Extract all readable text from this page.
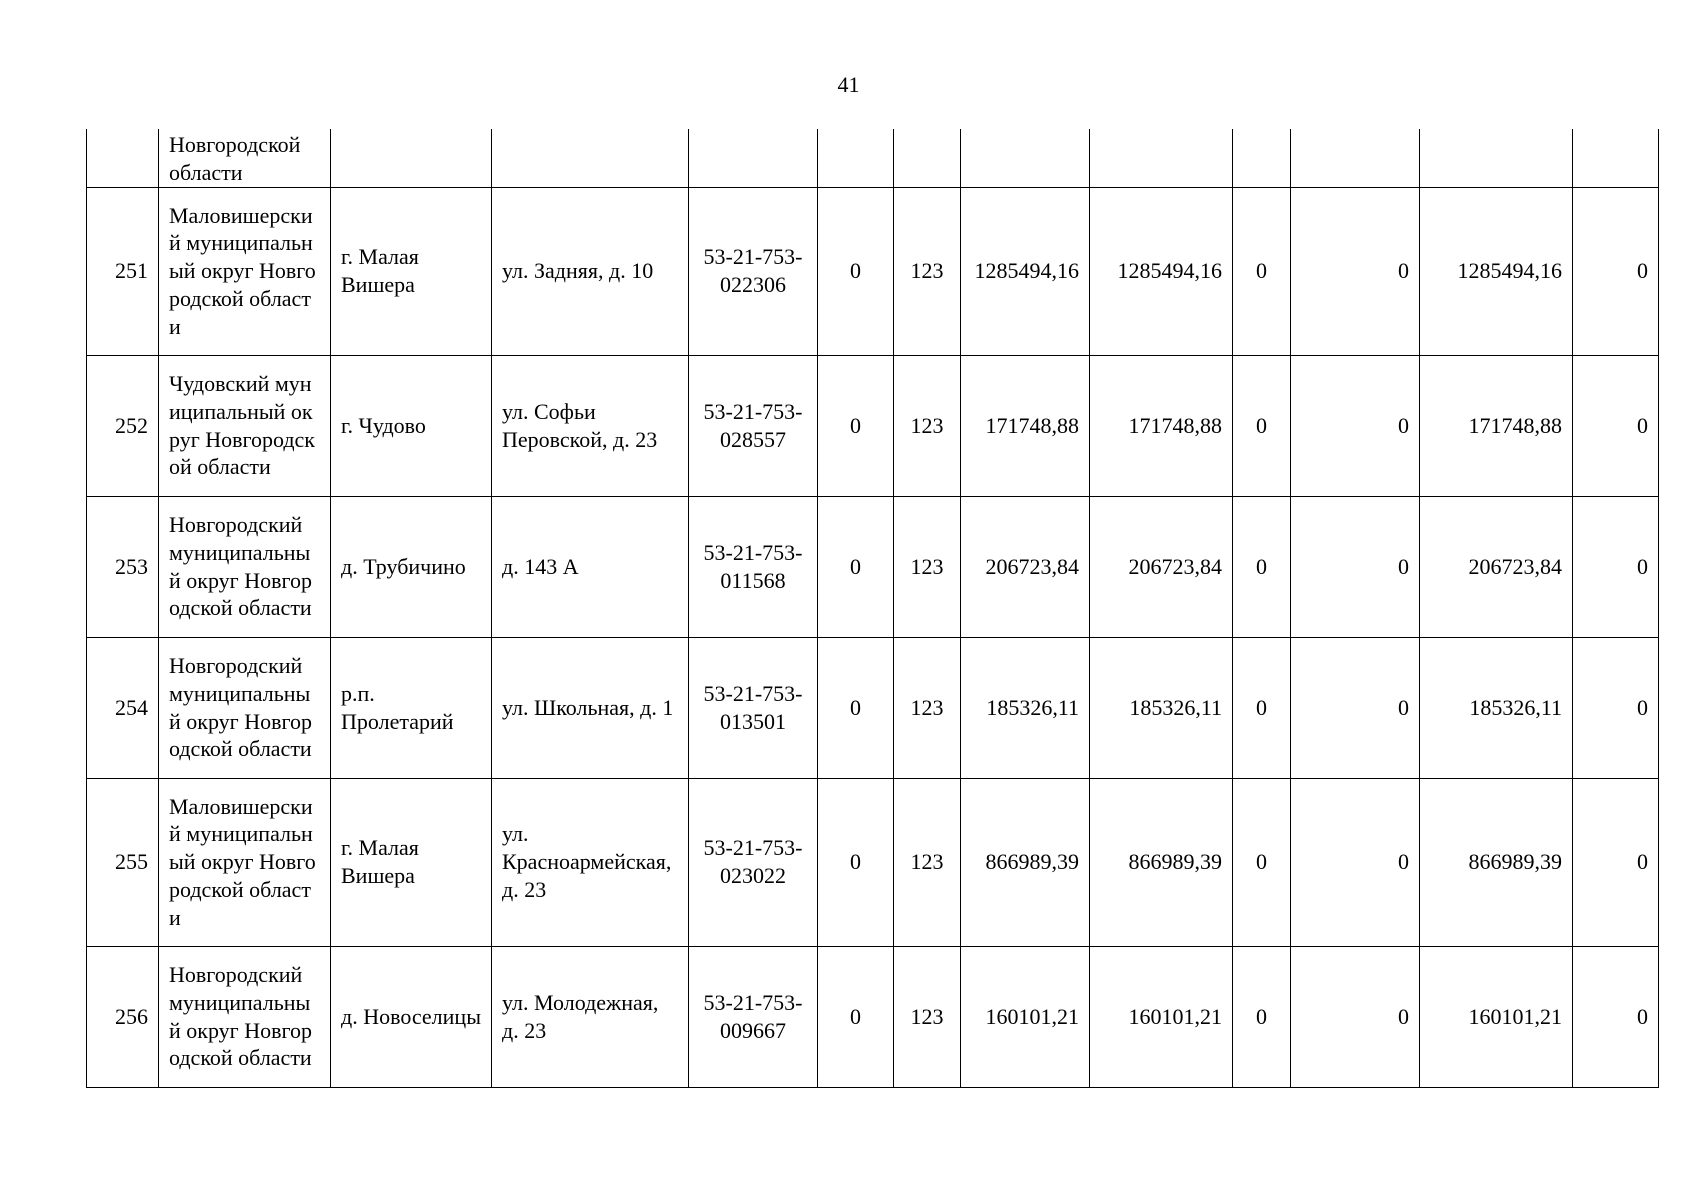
41
	Новгородской
области											
251	Маловишерский муниципальный округ Новгородской области	г. Малая Вишера	ул. Задняя, д. 10	53-21-753-022306	0	123	1285494,16	1285494,16	0	0	1285494,16	0
252	Чудовский муниципальный округ Новгородской области	г. Чудово	ул. Софьи Перовской, д. 23	53-21-753-028557	0	123	171748,88	171748,88	0	0	171748,88	0
253	Новгородский муниципальный округ Новгородской области	д. Трубичино	д. 143 А	53-21-753-011568	0	123	206723,84	206723,84	0	0	206723,84	0
254	Новгородский муниципальный округ Новгородской области	р.п. Пролетарий	ул. Школьная, д. 1	53-21-753-013501	0	123	185326,11	185326,11	0	0	185326,11	0
255	Маловишерский муниципальный округ Новгородской области	г. Малая Вишера	ул. Красноармейская, д. 23	53-21-753-023022	0	123	866989,39	866989,39	0	0	866989,39	0
256	Новгородский муниципальный округ Новгородской области	д. Новоселицы	ул. Молодежная, д. 23	53-21-753-009667	0	123	160101,21	160101,21	0	0	160101,21	0
